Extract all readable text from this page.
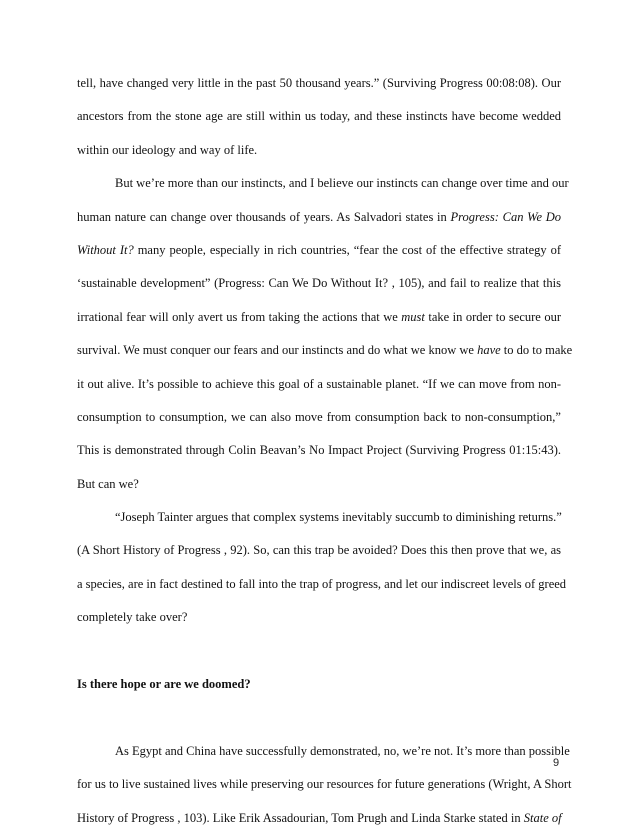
tell, have changed very little in the past 50 thousand years.” (Surviving Progress 00:08:08). Our
ancestors from the stone age are still within us today, and these instincts have become wedded
within our ideology and way of life.
But we’re more than our instincts, and I believe our instincts can change over time and our
human nature can change over thousands of years. As Salvadori states in Progress: Can We Do
Without It? many people, especially in rich countries, “fear the cost of the effective strategy of
‘sustainable development” (Progress: Can We Do Without It? , 105), and fail to realize that this
irrational fear will only avert us from taking the actions that we must take in order to secure our
survival. We must conquer our fears and our instincts and do what we know we have to do to make
it out alive. It’s possible to achieve this goal of a sustainable planet. “If we can move from non-
consumption to consumption, we can also move from consumption back to non-consumption,”
This is demonstrated through Colin Beavan’s No Impact Project (Surviving Progress 01:15:43).
But can we?
“Joseph Tainter argues that complex systems inevitably succumb to diminishing returns.”
(A Short History of Progress , 92). So, can this trap be avoided? Does this then prove that we, as
a species, are in fact destined to fall into the trap of progress, and let our indiscreet levels of greed
completely take over?
Is there hope or are we doomed?
As Egypt and China have successfully demonstrated, no, we’re not. It’s more than possible
for us to live sustained lives while preserving our resources for future generations (Wright, A Short
History of Progress , 103). Like Erik Assadourian, Tom Prugh and Linda Starke stated in State of
9
